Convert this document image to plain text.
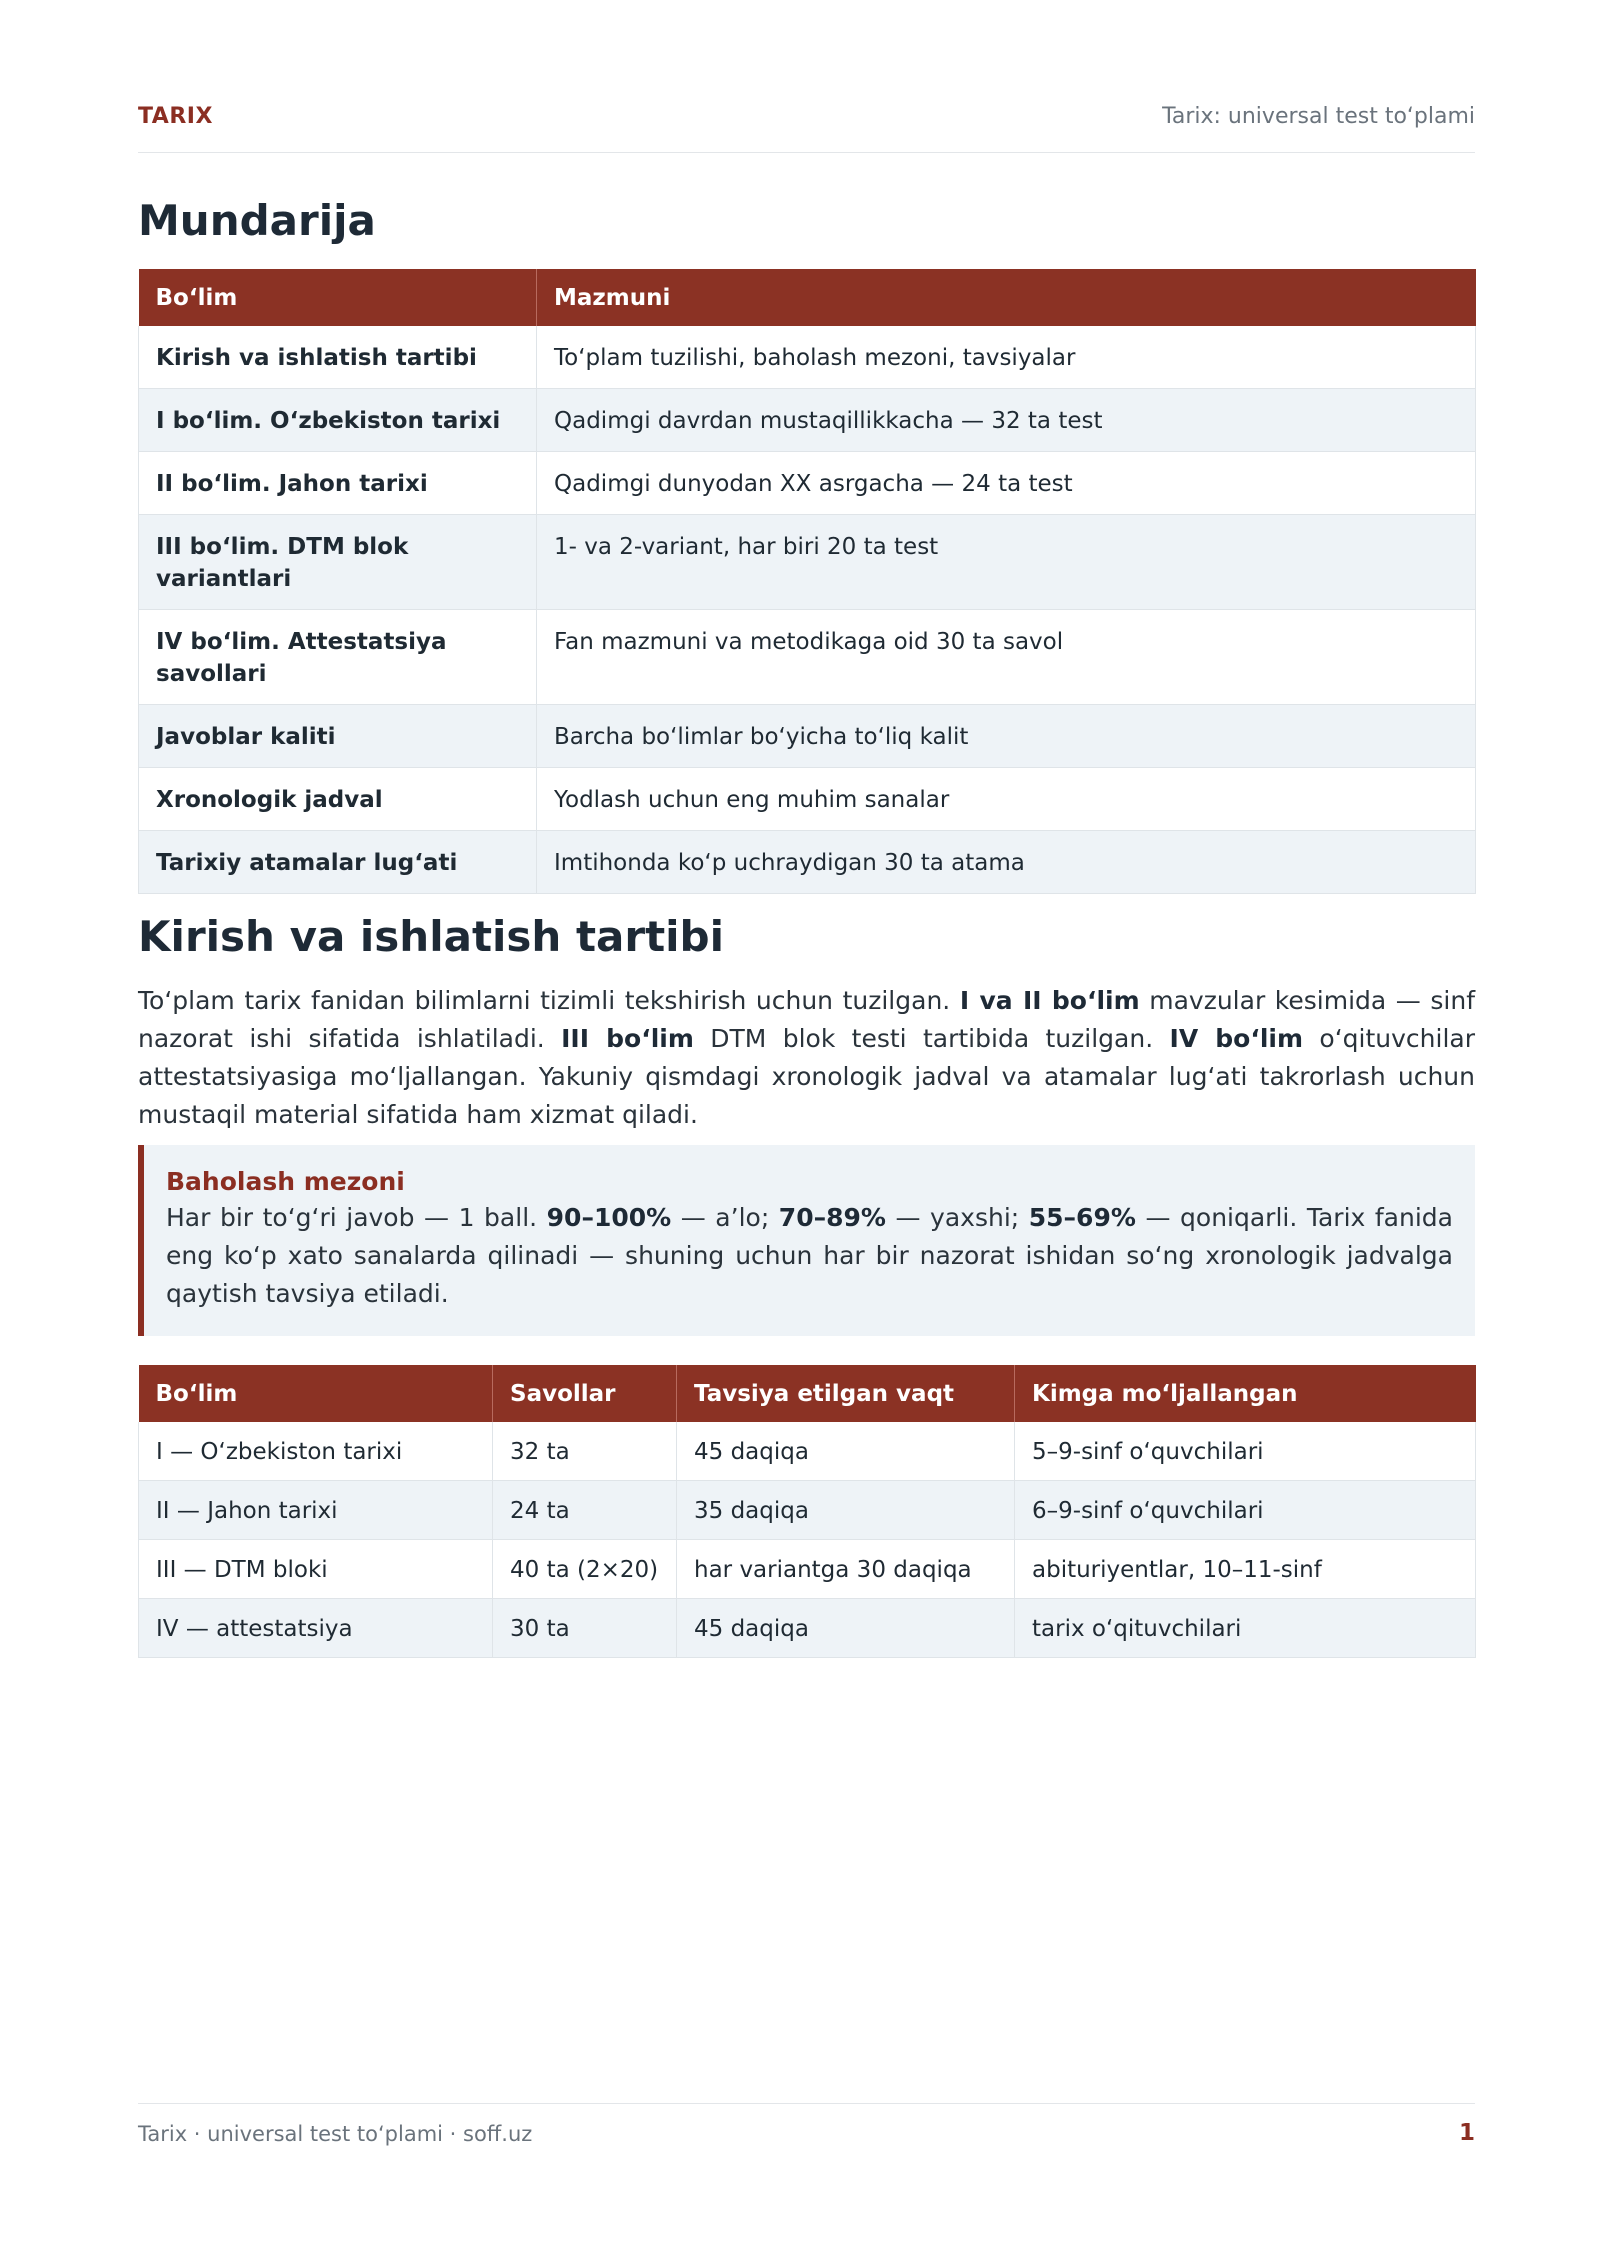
TARIX	Tarix: universal test to‘plami
Mundarija
Bo‘lim	Mazmuni
Kirish va ishlatish tartibi	To‘plam tuzilishi, baholash mezoni, tavsiyalar
I bo‘lim. O‘zbekiston tarixi	Qadimgi davrdan mustaqillikkacha — 32 ta test
II bo‘lim. Jahon tarixi	Qadimgi dunyodan XX asrgacha — 24 ta test
III bo‘lim. DTM blok variantlari	1- va 2-variant, har biri 20 ta test
IV bo‘lim. Attestatsiya savollari	Fan mazmuni va metodikaga oid 30 ta savol
Javoblar kaliti	Barcha bo‘limlar bo‘yicha to‘liq kalit
Xronologik jadval	Yodlash uchun eng muhim sanalar
Tarixiy atamalar lug‘ati	Imtihonda ko‘p uchraydigan 30 ta atama
Kirish va ishlatish tartibi

To‘plam tarix fanidan bilimlarni tizimli tekshirish uchun tuzilgan. I va II bo‘lim mavzular kesimida — sinf nazorat ishi sifatida ishlatiladi. III bo‘lim DTM blok testi tartibida tuzilgan. IV bo‘lim o‘qituvchilar attestatsiyasiga mo‘ljallangan. Yakuniy qismdagi xronologik jadval va atamalar lug‘ati takrorlash uchun mustaqil material sifatida ham xizmat qiladi.

Baholash mezoni

Har bir to‘g‘ri javob — 1 ball. 90–100% — a’lo; 70–89% — yaxshi; 55–69% — qoniqarli. Tarix fanida eng ko‘p xato sanalarda qilinadi — shuning uchun har bir nazorat ishidan so‘ng xronologik jadvalga qaytish tavsiya etiladi.

Bo‘lim	Savollar	Tavsiya etilgan vaqt	Kimga mo‘ljallangan
I — O‘zbekiston tarixi	32 ta	45 daqiqa	5–9-sinf o‘quvchilari
II — Jahon tarixi	24 ta	35 daqiqa	6–9-sinf o‘quvchilari
III — DTM bloki	40 ta (2×20)	har variantga 30 daqiqa	abituriyentlar, 10–11-sinf
IV — attestatsiya	30 ta	45 daqiqa	tarix o‘qituvchilari
Tarix · universal test to‘plami · soff.uz	1
